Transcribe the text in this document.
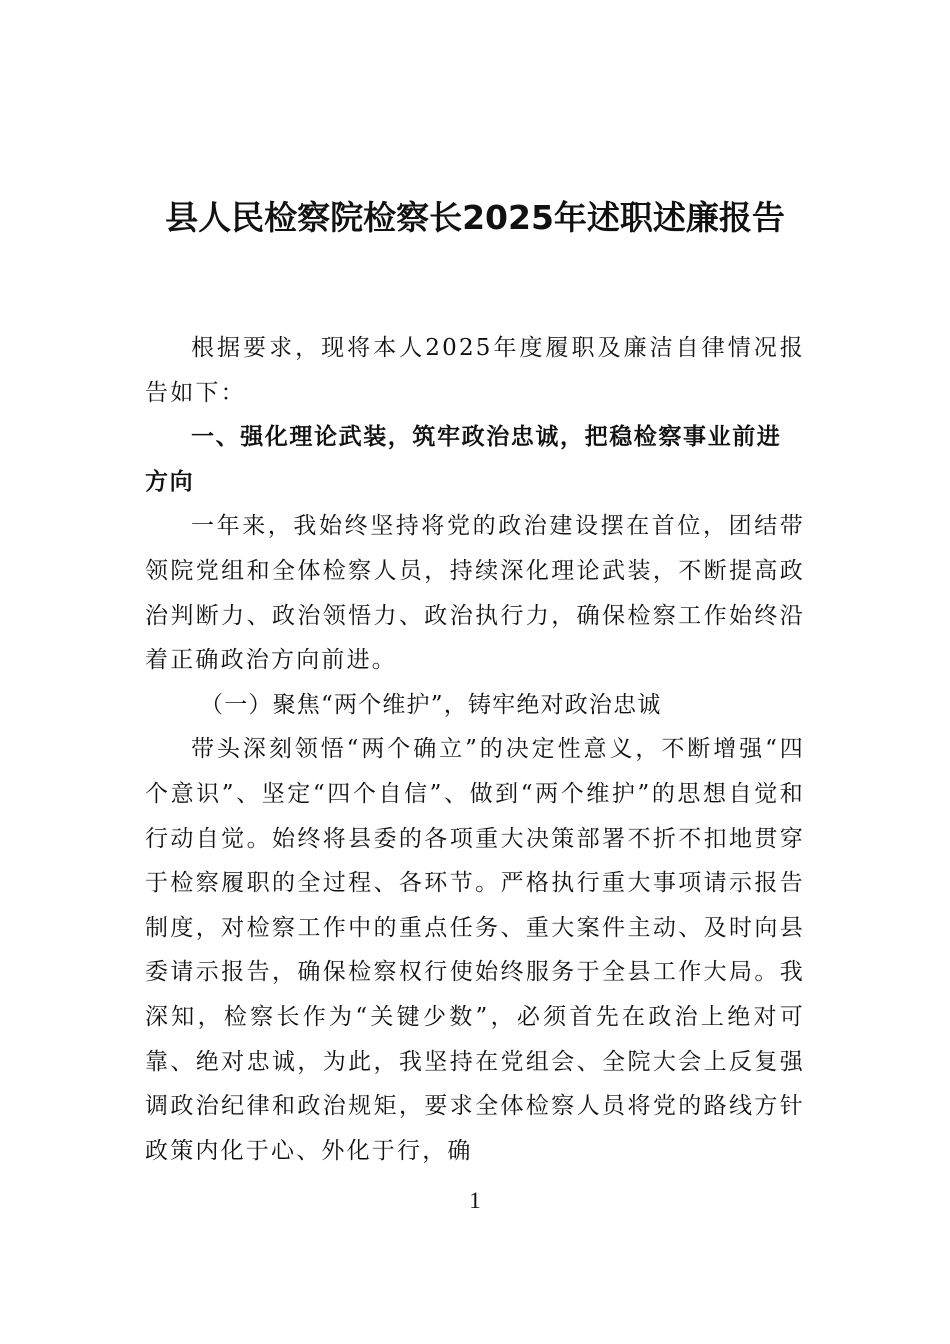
县人民检察院检察长2025年述职述廉报告

根据要求，现将本人2025年度履职及廉洁自律情况报告如下：

一、强化理论武装，筑牢政治忠诚，把稳检察事业前进方向

一年来，我始终坚持将党的政治建设摆在首位，团结带领院党组和全体检察人员，持续深化理论武装，不断提高政治判断力、政治领悟力、政治执行力，确保检察工作始终沿着正确政治方向前进。

（一）聚焦“两个维护”，铸牢绝对政治忠诚

带头深刻领悟“两个确立”的决定性意义，不断增强“四个意识”、坚定“四个自信”、做到“两个维护”的思想自觉和行动自觉。始终将县委的各项重大决策部署不折不扣地贯穿于检察履职的全过程、各环节。严格执行重大事项请示报告制度，对检察工作中的重点任务、重大案件主动、及时向县委请示报告，确保检察权行使始终服务于全县工作大局。我深知，检察长作为“关键少数”，必须首先在政治上绝对可靠、绝对忠诚，为此，我坚持在党组会、全院大会上反复强调政治纪律和政治规矩，要求全体检察人员将党的路线方针政策内化于心、外化于行，确

1
